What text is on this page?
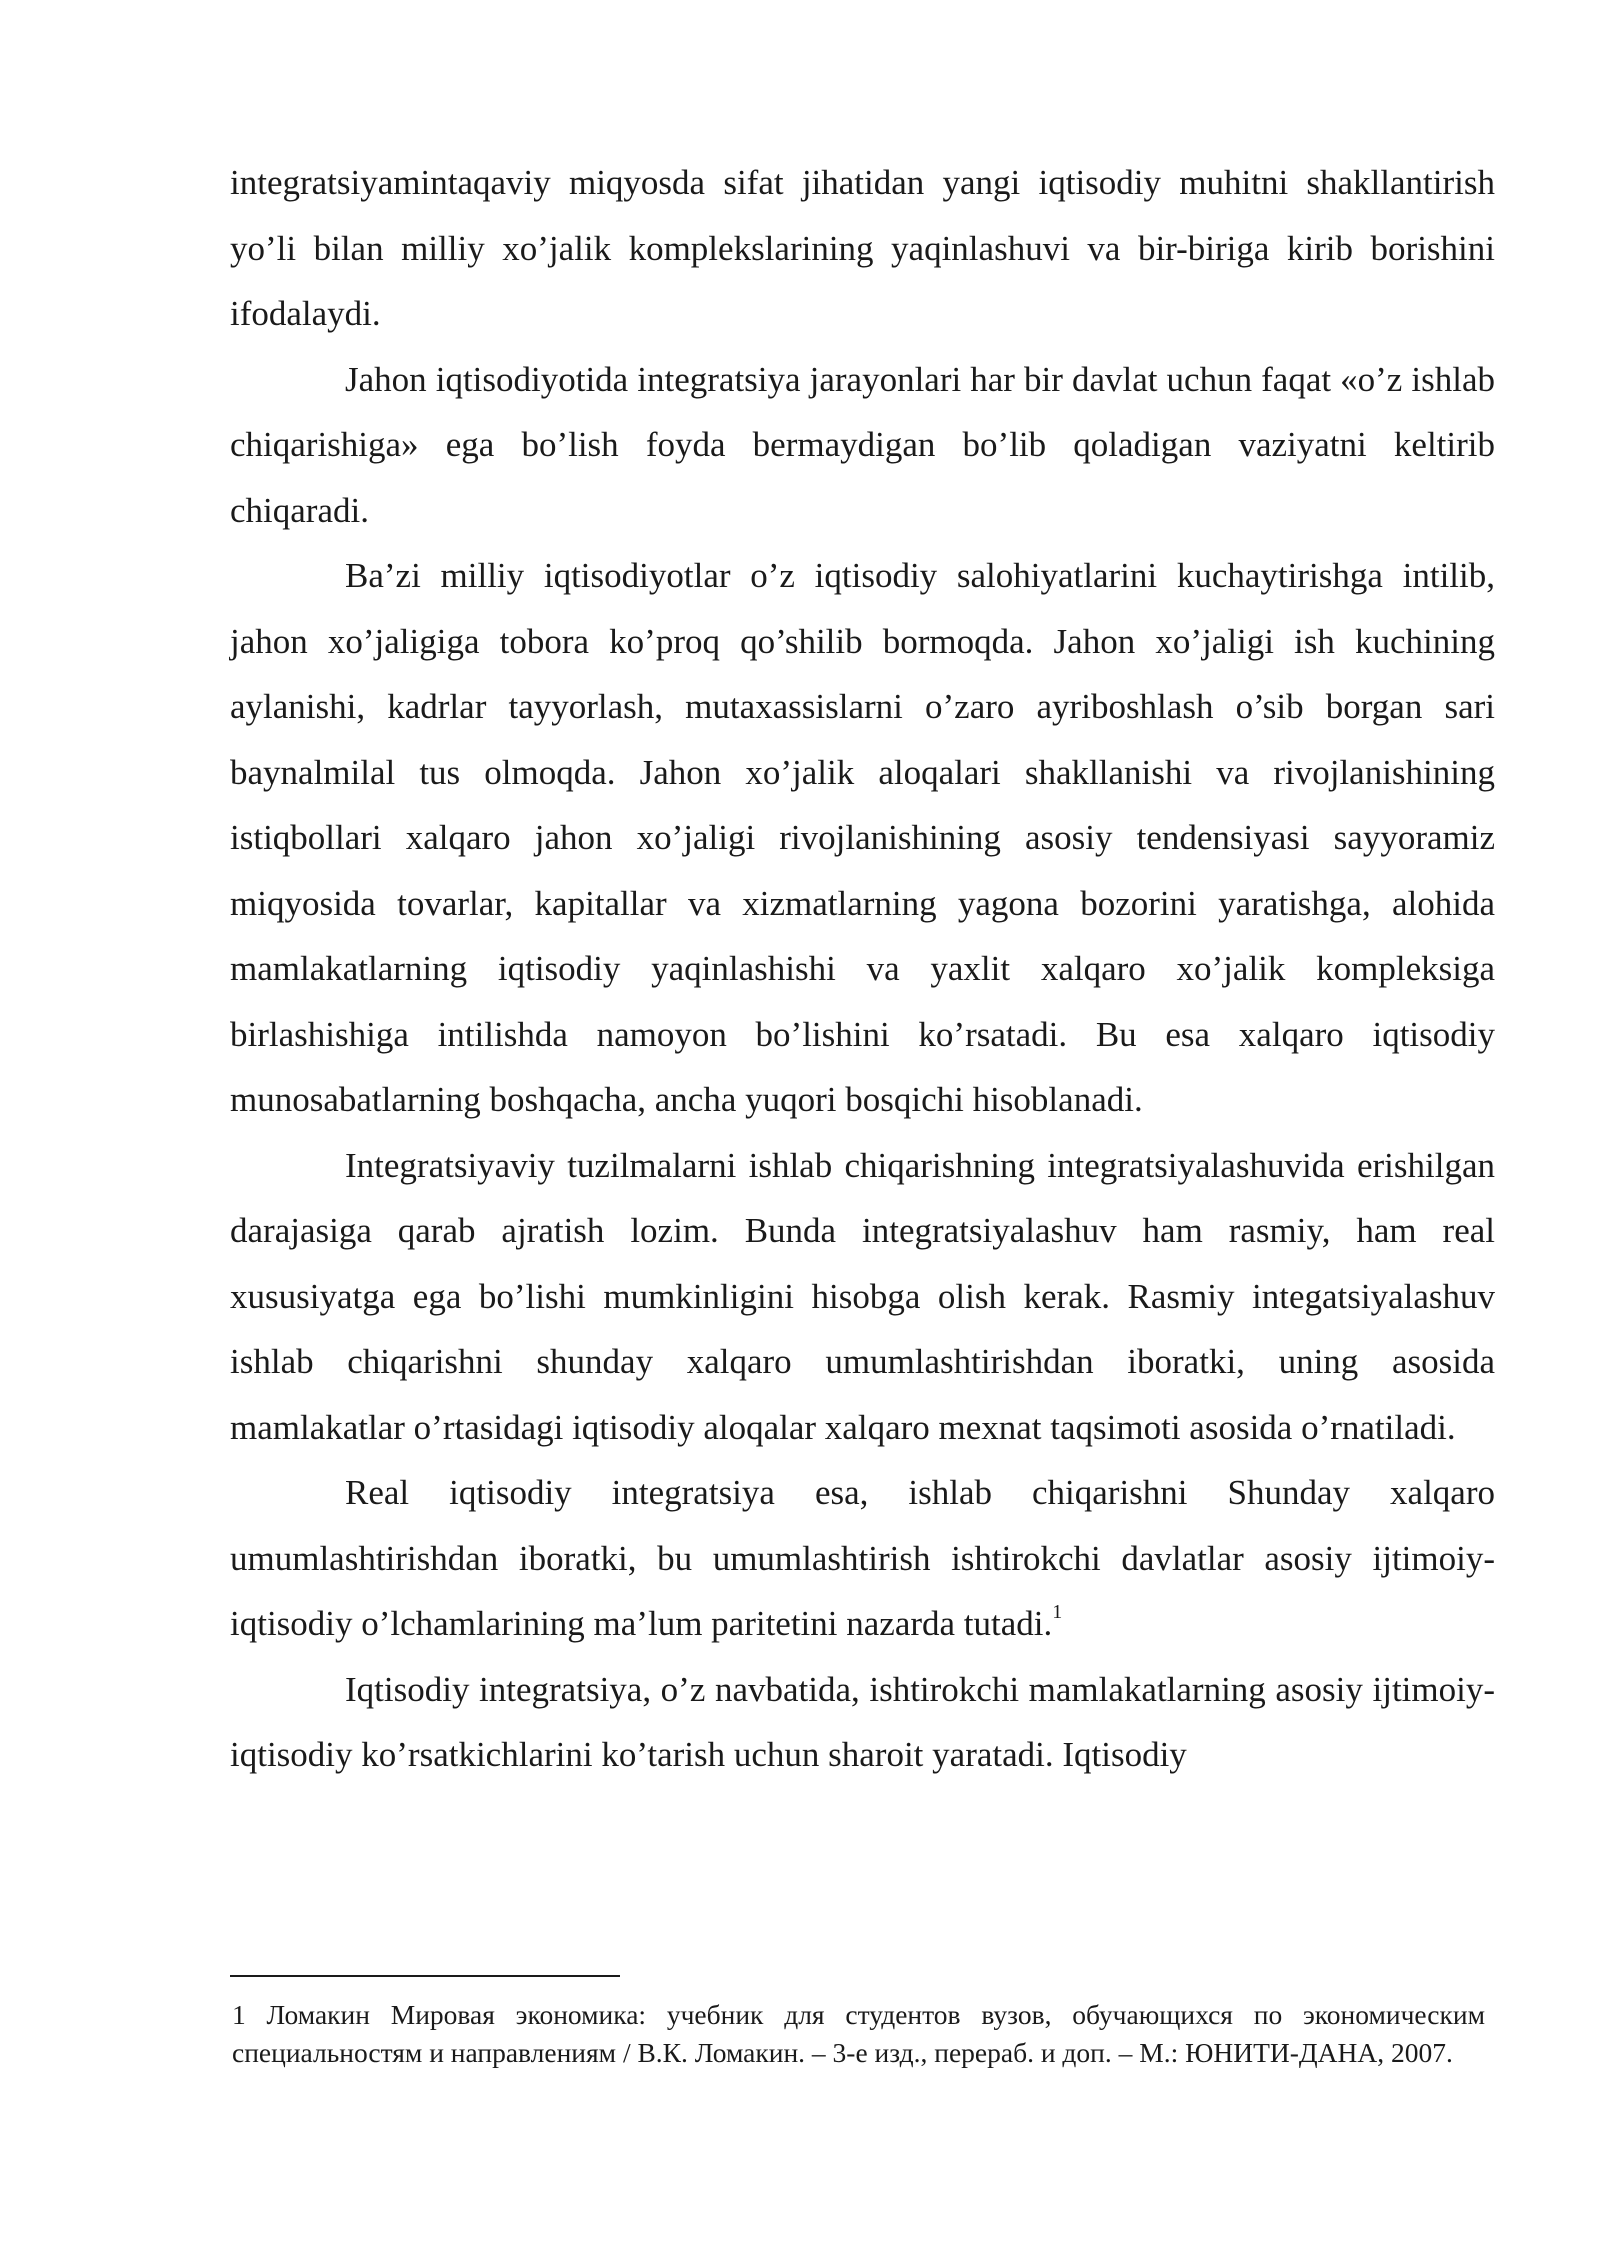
integratsiyamintaqaviy miqyosda sifat jihatidan yangi iqtisodiy muhitni shakllantirish yo’li bilan milliy xo’jalik komplekslarining yaqinlashuvi va bir-biriga kirib borishini ifodalaydi.

Jahon iqtisodiyotida integratsiya jarayonlari har bir davlat uchun faqat «o’z ishlab chiqarishiga» ega bo’lish foyda bermaydigan bo’lib qoladigan vaziyatni keltirib chiqaradi.

Ba’zi milliy iqtisodiyotlar o’z iqtisodiy salohiyatlarini kuchaytirishga intilib, jahon xo’jaligiga tobora ko’proq qo’shilib bormoqda. Jahon xo’jaligi ish kuchining aylanishi, kadrlar tayyorlash, mutaxassislarni o’zaro ayriboshlash o’sib borgan sari baynalmilal tus olmoqda. Jahon xo’jalik aloqalari shakllanishi va rivojlanishining istiqbollari xalqaro jahon xo’jaligi rivojlanishining asosiy tendensiyasi sayyoramiz miqyosida tovarlar, kapitallar va xizmatlarning yagona bozorini yaratishga, alohida mamlakatlarning iqtisodiy yaqinlashishi va yaxlit xalqaro xo’jalik kompleksiga birlashishiga intilishda namoyon bo’lishini ko’rsatadi. Bu esa xalqaro iqtisodiy munosabatlarning boshqacha, ancha yuqori bosqichi hisoblanadi.

Integratsiyaviy tuzilmalarni ishlab chiqarishning integratsiyalashuvida erishilgan darajasiga qarab ajratish lozim. Bunda integratsiyalashuv ham rasmiy, ham real xususiyatga ega bo’lishi mumkinligini hisobga olish kerak. Rasmiy integatsiyalashuv ishlab chiqarishni shunday xalqaro umumlashtirishdan iboratki, uning asosida mamlakatlar o’rtasidagi iqtisodiy aloqalar xalqaro mexnat taqsimoti asosida o’rnatiladi.

Real iqtisodiy integratsiya esa, ishlab chiqarishni Shunday xalqaro umumlashtirishdan iboratki, bu umumlashtirish ishtirokchi davlatlar asosiy ijtimoiy-iqtisodiy o’lchamlarining ma’lum paritetini nazarda tutadi.$^1$

Iqtisodiy integratsiya, o’z navbatida, ishtirokchi mamlakatlarning asosiy ijtimoiy-iqtisodiy ko’rsatkichlarini ko’tarish uchun sharoit yaratadi. Iqtisodiy

1 Ломакин Мировая экономика: учебник для студентов вузов, обучающихся по экономическим специальностям и направлениям / В.К. Ломакин. – 3-е изд., перераб. и доп. – М.: ЮНИТИ-ДАНА, 2007.
